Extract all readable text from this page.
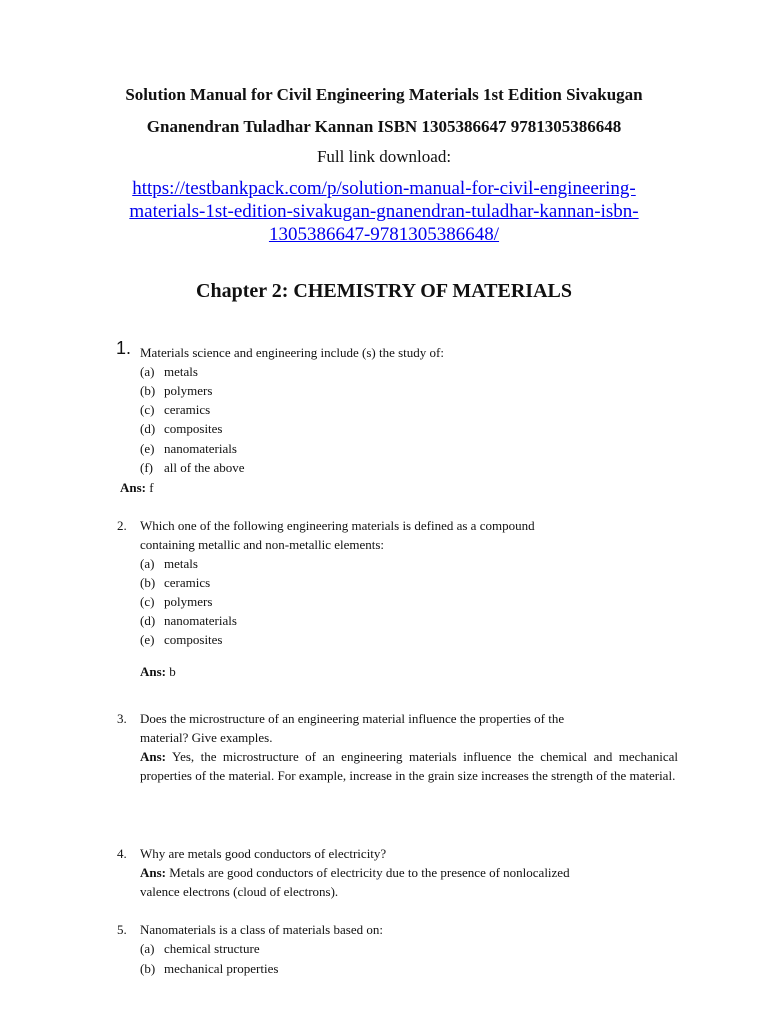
Solution Manual for Civil Engineering Materials 1st Edition Sivakugan
Gnanendran Tuladhar Kannan ISBN 1305386647 9781305386648
Full link download:
https://testbankpack.com/p/solution-manual-for-civil-engineering-
materials-1st-edition-sivakugan-gnanendran-tuladhar-kannan-isbn-
1305386647-9781305386648/
Chapter 2: CHEMISTRY OF MATERIALS
1. Materials science and engineering include (s) the study of:
(a) metals
(b) polymers
(c) ceramics
(d) composites
(e) nanomaterials
(f) all of the above
Ans: f
2. Which one of the following engineering materials is defined as a compound
containing metallic and non-metallic elements:
(a) metals
(b) ceramics
(c) polymers
(d) nanomaterials
(e) composites
Ans: b
3. Does the microstructure of an engineering material influence the properties of the
material? Give examples.
Ans: Yes, the microstructure of an engineering materials influence the chemical and mechanical properties of the material. For example, increase in the grain size increases the strength of the material.
4. Why are metals good conductors of electricity?
Ans: Metals are good conductors of electricity due to the presence of nonlocalized
valence electrons (cloud of electrons).
5. Nanomaterials is a class of materials based on:
(a) chemical structure
(b) mechanical properties
